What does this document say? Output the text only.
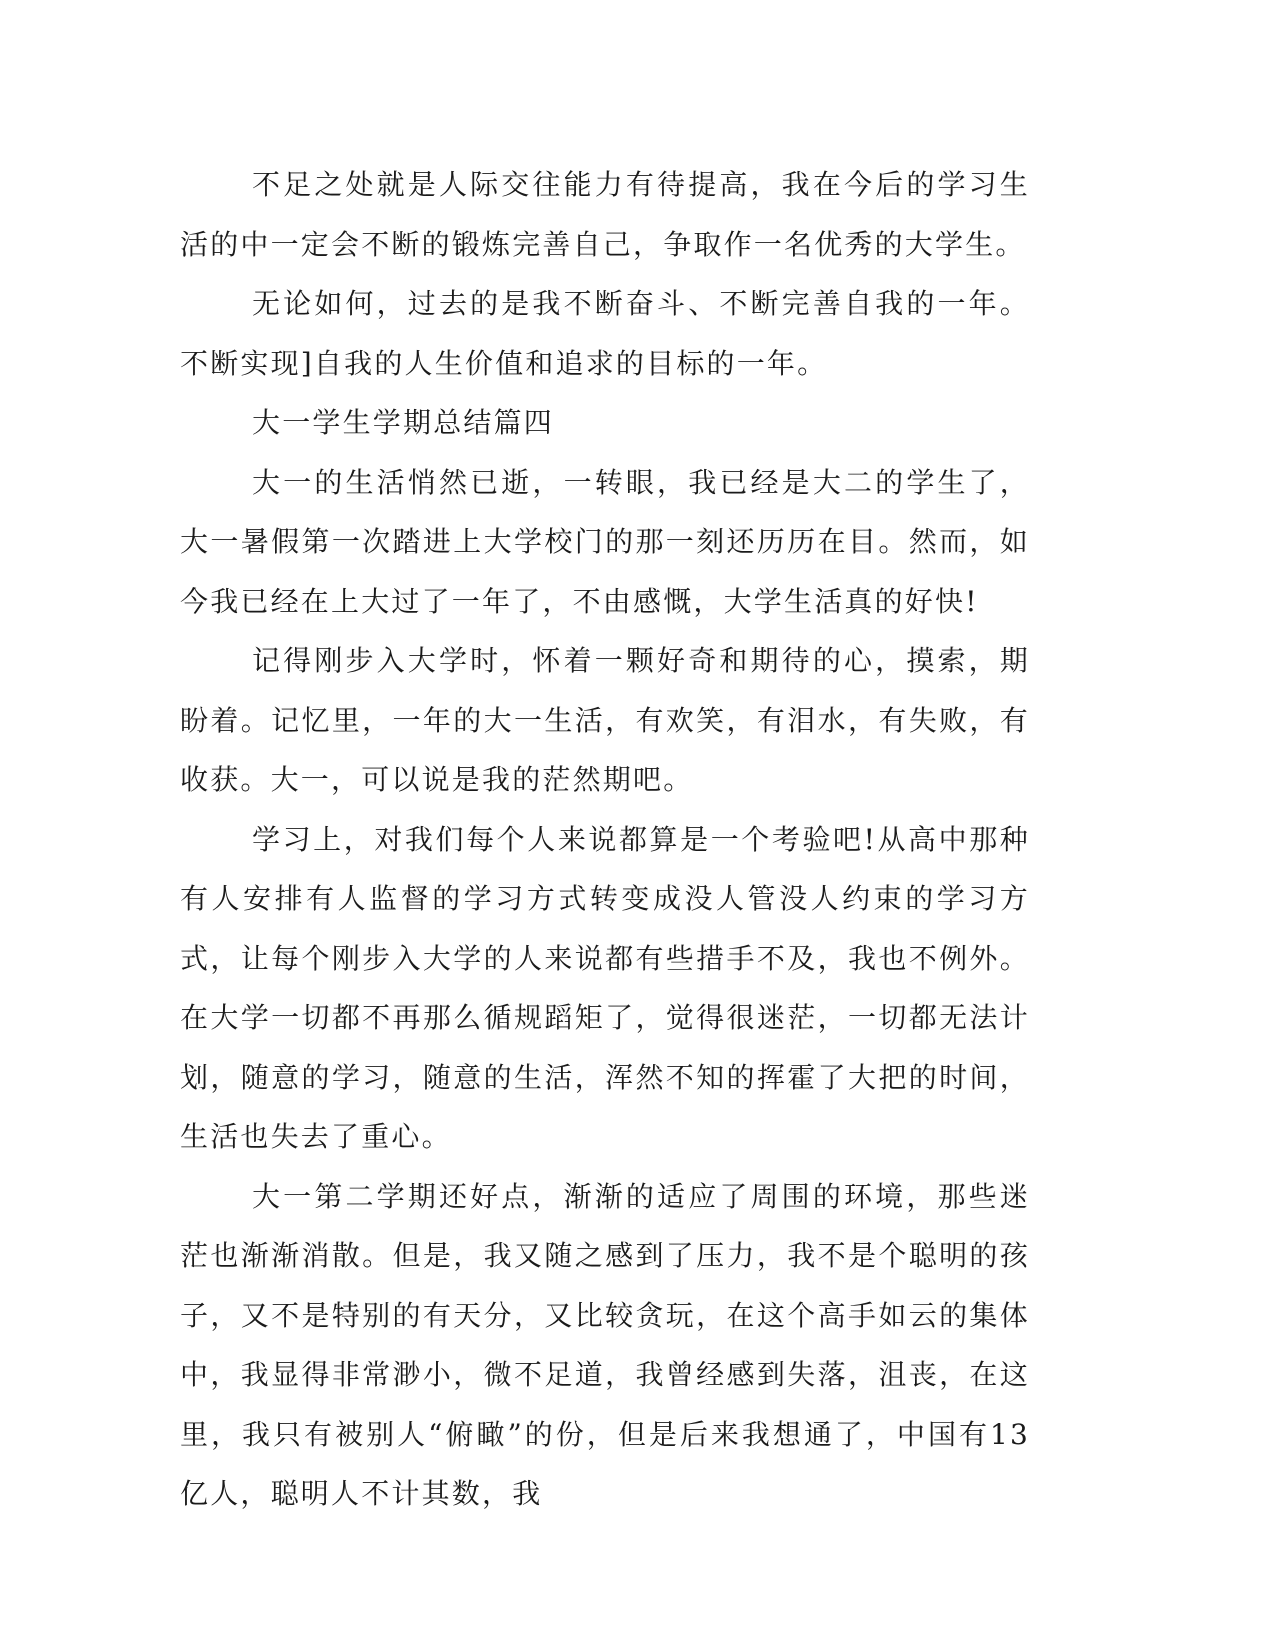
不足之处就是人际交往能力有待提高，我在今后的学习生活的中一定会不断的锻炼完善自己，争取作一名优秀的大学生。

无论如何，过去的是我不断奋斗、不断完善自我的一年。不断实现]自我的人生价值和追求的目标的一年。

大一学生学期总结篇四

大一的生活悄然已逝，一转眼，我已经是大二的学生了，大一暑假第一次踏进上大学校门的那一刻还历历在目。然而，如今我已经在上大过了一年了，不由感慨，大学生活真的好快!

记得刚步入大学时，怀着一颗好奇和期待的心，摸索，期盼着。记忆里，一年的大一生活，有欢笑，有泪水，有失败，有收获。大一，可以说是我的茫然期吧。

学习上，对我们每个人来说都算是一个考验吧!从高中那种有人安排有人监督的学习方式转变成没人管没人约束的学习方式，让每个刚步入大学的人来说都有些措手不及，我也不例外。在大学一切都不再那么循规蹈矩了，觉得很迷茫，一切都无法计划，随意的学习，随意的生活，浑然不知的挥霍了大把的时间，生活也失去了重心。

大一第二学期还好点，渐渐的适应了周围的环境，那些迷茫也渐渐消散。但是，我又随之感到了压力，我不是个聪明的孩子，又不是特别的有天分，又比较贪玩，在这个高手如云的集体中，我显得非常渺小，微不足道，我曾经感到失落，沮丧，在这里，我只有被别人“俯瞰”的份，但是后来我想通了，中国有13亿人，聪明人不计其数，我
